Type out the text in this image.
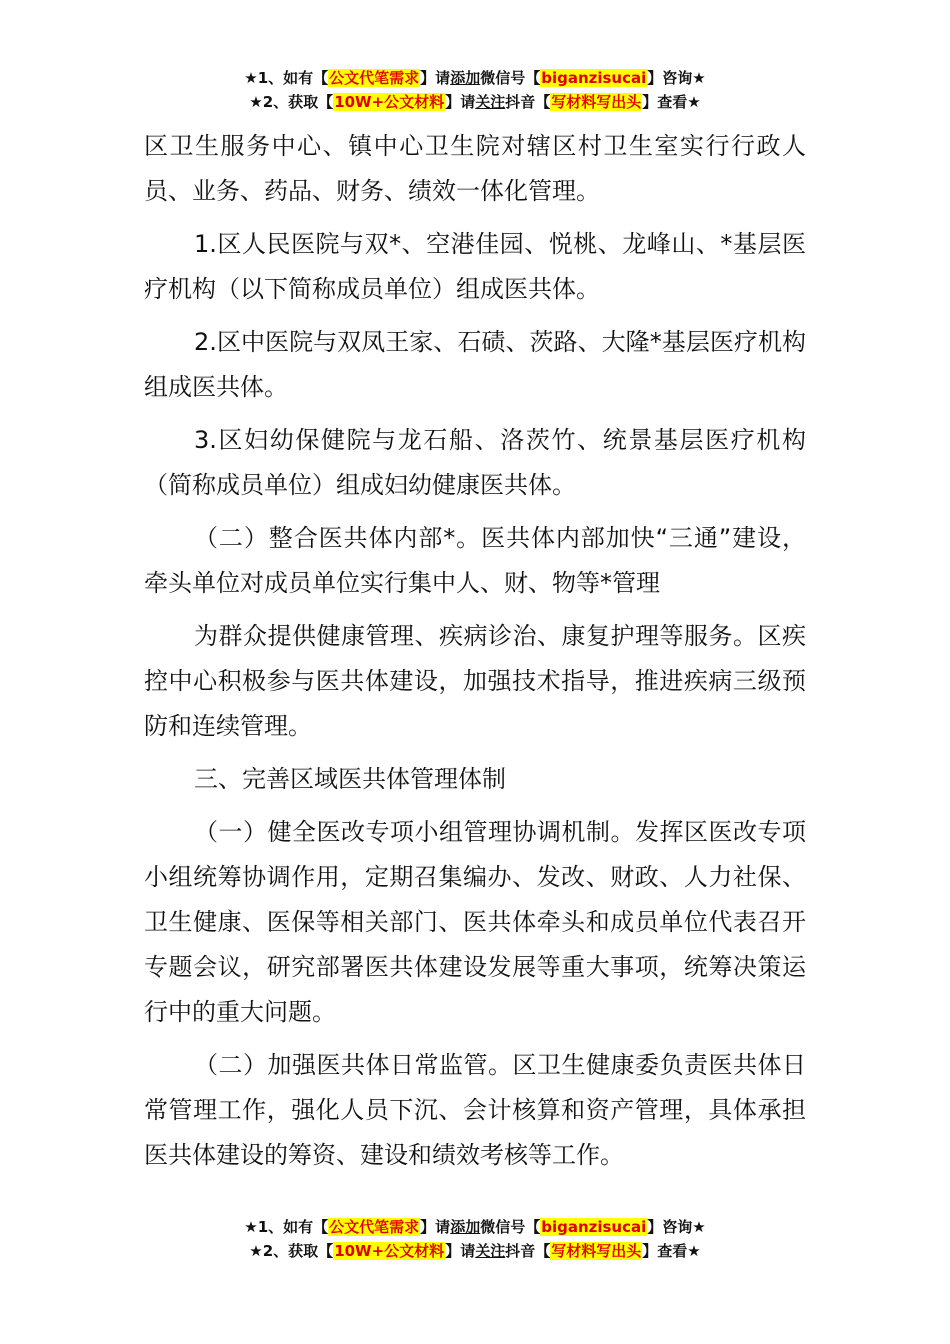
★1、如有【公文代笔需求】请添加微信号【biganzisucai】咨询★
★2、获取【10W+公文材料】请关注抖音【写材料写出头】查看★

区卫生服务中心、镇中心卫生院对辖区村卫生室实行行政人员、业务、药品、财务、绩效一体化管理。

1.区人民医院与双*、空港佳园、悦桃、龙峰山、*基层医疗机构（以下简称成员单位）组成医共体。

2.区中医院与双凤王家、石碛、茨路、大隆*基层医疗机构组成医共体。

3.区妇幼保健院与龙石船、洛茨竹、统景基层医疗机构（简称成员单位）组成妇幼健康医共体。

（二）整合医共体内部*。医共体内部加快“三通”建设，牵头单位对成员单位实行集中人、财、物等*管理

为群众提供健康管理、疾病诊治、康复护理等服务。区疾控中心积极参与医共体建设，加强技术指导，推进疾病三级预防和连续管理。

三、完善区域医共体管理体制

（一）健全医改专项小组管理协调机制。发挥区医改专项小组统筹协调作用，定期召集编办、发改、财政、人力社保、卫生健康、医保等相关部门、医共体牵头和成员单位代表召开专题会议，研究部署医共体建设发展等重大事项，统筹决策运行中的重大问题。

（二）加强医共体日常监管。区卫生健康委负责医共体日常管理工作，强化人员下沉、会计核算和资产管理，具体承担医共体建设的筹资、建设和绩效考核等工作。

★1、如有【公文代笔需求】请添加微信号【biganzisucai】咨询★
★2、获取【10W+公文材料】请关注抖音【写材料写出头】查看★
